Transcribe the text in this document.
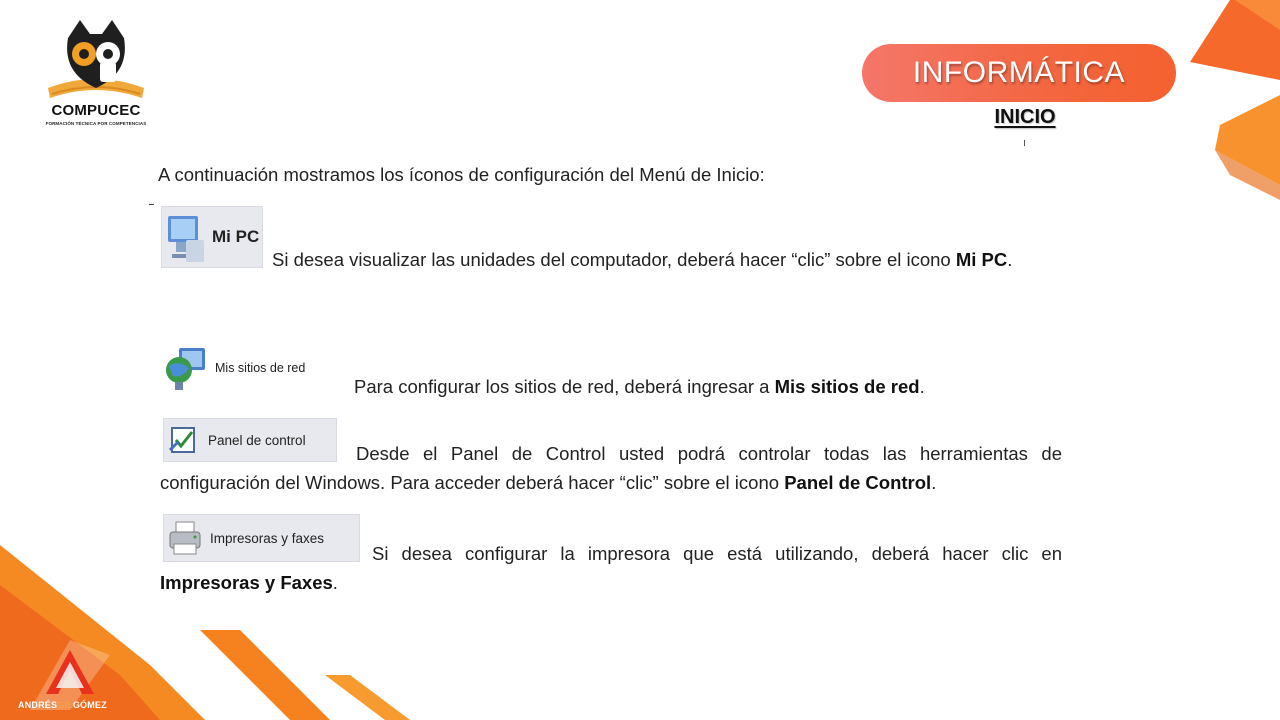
ANDRÉSGILGÓMEZ
COMPUCEC
FORMACIÓN TÉCNICA POR COMPETENCIAS
INFORMÁTICA
INICIO
A continuación mostramos los íconos de configuración del Menú de Inicio:
Mi PC
Si desea visualizar las unidades del computador, deberá hacer “clic” sobre el icono Mi PC.
Mis sitios de red
Para configurar los sitios de red, deberá ingresar a Mis sitios de red.
Panel de control
Desde el Panel de Control usted podrá controlar todas las herramientas de configuración del Windows. Para acceder deberá hacer “clic” sobre el icono Panel de Control.
Impresoras y faxes
Si desea configurar la impresora que está utilizando, deberá hacer clic en Impresoras y Faxes.
